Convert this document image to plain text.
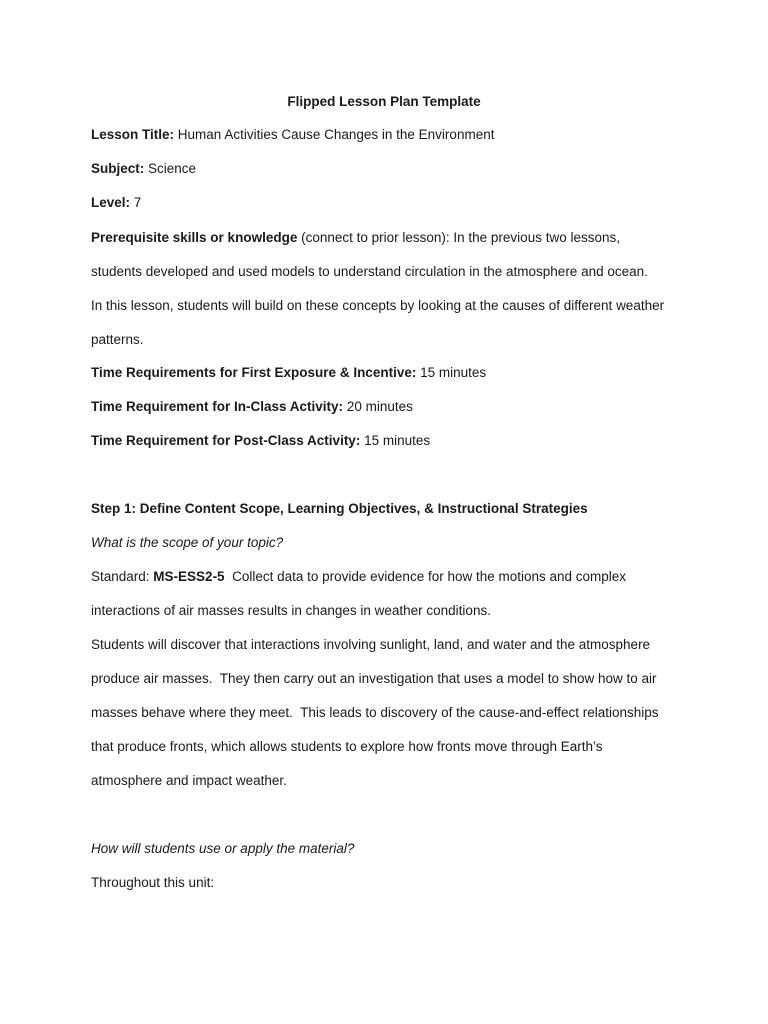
Flipped Lesson Plan Template
Lesson Title: Human Activities Cause Changes in the Environment
Subject: Science
Level: 7
Prerequisite skills or knowledge (connect to prior lesson): In the previous two lessons,
students developed and used models to understand circulation in the atmosphere and ocean.
In this lesson, students will build on these concepts by looking at the causes of different weather
patterns.
Time Requirements for First Exposure & Incentive: 15 minutes
Time Requirement for In-Class Activity: 20 minutes
Time Requirement for Post-Class Activity: 15 minutes
Step 1: Define Content Scope, Learning Objectives, & Instructional Strategies
What is the scope of your topic?
Standard: MS-ESS2-5  Collect data to provide evidence for how the motions and complex
interactions of air masses results in changes in weather conditions.
Students will discover that interactions involving sunlight, land, and water and the atmosphere
produce air masses.  They then carry out an investigation that uses a model to show how to air
masses behave where they meet.  This leads to discovery of the cause-and-effect relationships
that produce fronts, which allows students to explore how fronts move through Earth’s
atmosphere and impact weather.
How will students use or apply the material?
Throughout this unit:
